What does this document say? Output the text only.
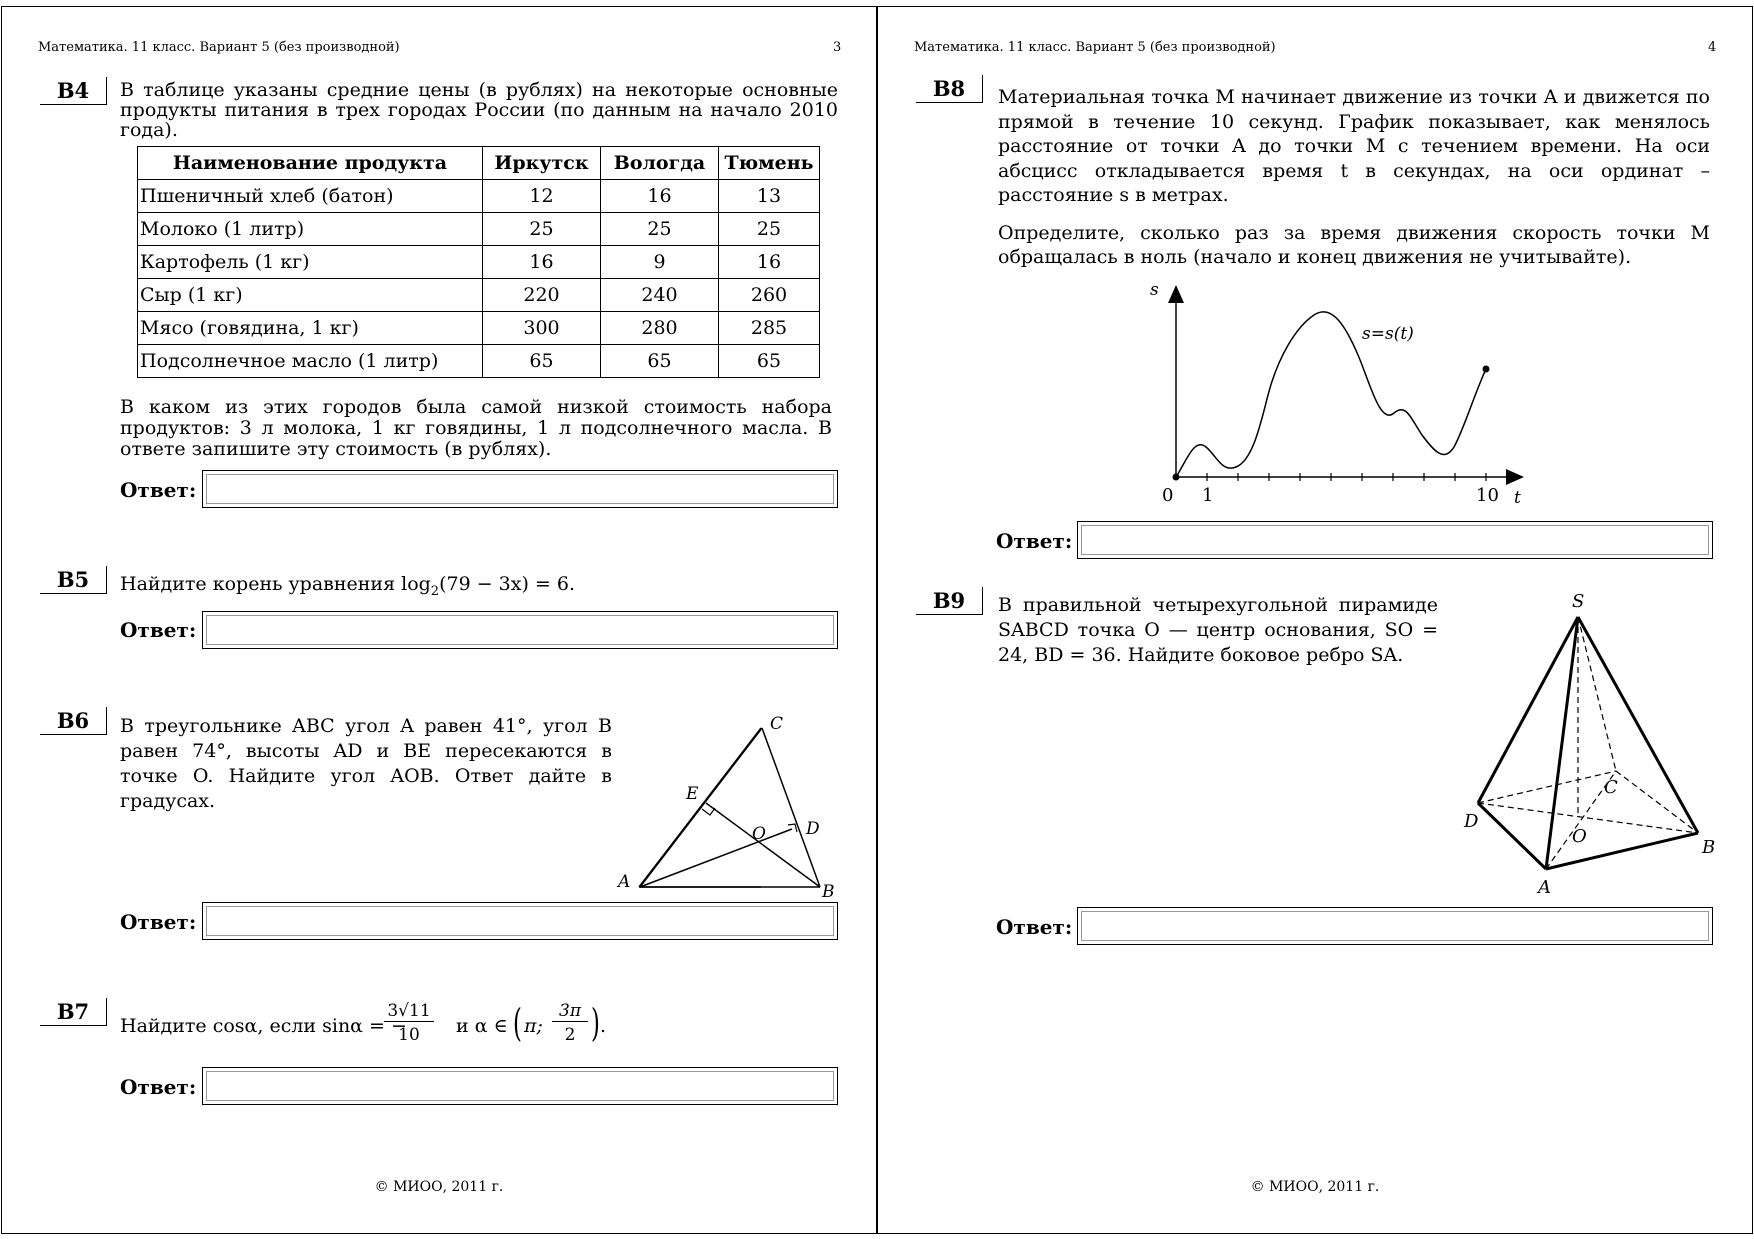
Математика. 11 класс. Вариант 5 (без производной)	3
B4	В таблице указаны средние цены (в рублях) на некоторые основные продукты питания в трех городах России (по данным на начало 2010 года).
Наименование продукта	Иркутск	Вологда	Тюмень
Пшеничный хлеб (батон)	12	16	13
Молоко (1 литр)	25	25	25
Картофель (1 кг)	16	9	16
Сыр (1 кг)	220	240	260
Мясо (говядина, 1 кг)	300	280	285
Подсолнечное масло (1 литр)	65	65	65
В каком из этих городов была самой низкой стоимость набора продуктов: 3 л молока, 1 кг говядины, 1 л подсолнечного масла. В ответе запишите эту стоимость (в рублях).
Ответ:
B5	Найдите корень уравнения $\log_2(79 - 3x) = 6$.
Ответ:
B6	В треугольнике ABC угол A равен 41°, угол B равен 74°, высоты AD и BE пересекаются в точке O. Найдите угол AOB. Ответ дайте в градусах.
A	B
C
D
E
O
Ответ:
B7
Найдите cosα, если sinα = −
3√11
10	и α ∈ ( π;
3π
2 ) .
Ответ:
© МИОО, 2011 г.
Математика. 11 класс. Вариант 5 (без производной)	4
B8	Материальная точка M начинает движение из точки A и движется по прямой в течение 10 секунд. График показывает, как менялось расстояние от точки A до точки M с течением времени. На оси абсцисс откладывается время t в секундах, на оси ординат – расстояние s в метрах.
Определите, сколько раз за время движения скорость точки M обращалась в ноль (начало и конец движения не учитывайте).
s
t
0 1	10
s=s(t)
Ответ:
B9	В правильной четырехугольной пирамиде SABCD точка O — центр основания, SO = 24, BD = 36. Найдите боковое ребро SA.
S
A
B
C
D
O
Ответ:
© МИОО, 2011 г.
